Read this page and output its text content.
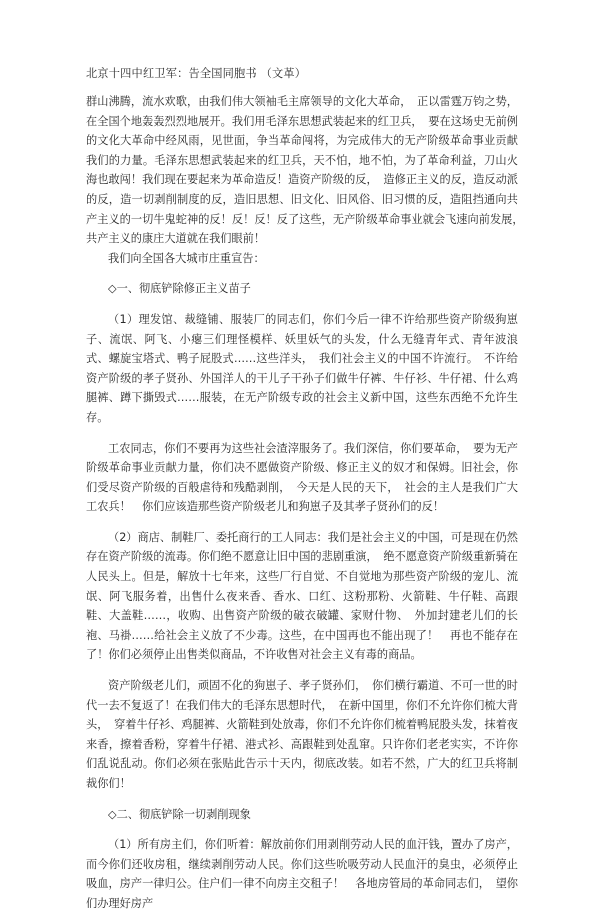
北京十四中红卫军：告全国同胞书 （文革）

群山沸腾，流水欢歌，由我们伟大领袖毛主席领导的文化大革命，　正以雷霆万钧之势，在全国个地轰轰烈烈地展开。我们用毛泽东思想武装起来的红卫兵，　要在这场史无前例的文化大革命中经风雨，见世面，争当革命闯将，为完成伟大的无产阶级革命事业贡献我们的力量。毛泽东思想武装起来的红卫兵，天不怕，地不怕，为了革命利益，刀山火海也敢闯！我们现在要起来为革命造反！造资产阶级的反，　造修正主义的反，造反动派的反，造一切剥削制度的反，造旧思想、旧文化、旧风俗、旧习惯的反，造阻挡通向共产主义的一切牛鬼蛇神的反！反！反！反了这些，无产阶级革命事业就会飞速向前发展，　共产主义的康庄大道就在我们眼前！

我们向全国各大城市庄重宣告：

◇一、彻底铲除修正主义苗子

（1）理发馆、裁缝铺、服装厂的同志们，你们今后一律不许给那些资产阶级狗崽子、流氓、阿飞、小瘪三们理怪模样、妖里妖气的头发，什么无缝青年式、青年波浪式、螺旋宝塔式、鸭子屁股式……这些洋头，　我们社会主义的中国不许流行。　不许给资产阶级的孝子贤孙、外国洋人的干儿子干孙子们做牛仔裤、牛仔衫、牛仔裙、什么鸡腿裤、蹲下撕毁式……服装，在无产阶级专政的社会主义新中国，这些东西绝不允许生存。

工农同志，你们不要再为这些社会渣滓服务了。我们深信，你们要革命，　要为无产阶级革命事业贡献力量，你们决不愿做资产阶级、修正主义的奴才和保姆。旧社会，你们受尽资产阶级的百般虐待和残酷剥削，　今天是人民的天下，　社会的主人是我们广大工农兵！　你们应该造那些资产阶级老儿和狗崽子及其孝子贤孙们的反！

（2）商店、制鞋厂、委托商行的工人同志：我们是社会主义的中国，可是现在仍然存在资产阶级的流毒。你们绝不愿意让旧中国的悲剧重演，　绝不愿意资产阶级重新骑在人民头上。但是，解放十七年来，这些厂行自觉、不自觉地为那些资产阶级的宠儿、流氓、阿飞服务着，出售什么夜来香、香水、口红、这粉那粉、火箭鞋、牛仔鞋、高跟鞋、大盖鞋……，收购、出售资产阶级的破衣破罐、家财什物、　外加封建老儿们的长袍、马褂……给社会主义放了不少毒。这些，在中国再也不能出现了！　再也不能存在了！你们必须停止出售类似商品，不许收售对社会主义有毒的商品。

资产阶级老儿们，顽固不化的狗崽子、孝子贤孙们，　你们横行霸道、不可一世的时代一去不复返了！在我们伟大的毛泽东思想时代，　在新中国里，你们不允许你们梳大背头，　穿着牛仔衫、鸡腿裤、火箭鞋到处放毒，你们不允许你们梳着鸭屁股头发，抹着夜来香，擦着香粉，穿着牛仔裙、港式衫、高跟鞋到处乱窜。只许你们老老实实，不许你们乱说乱动。你们必须在张贴此告示十天内，彻底改装。如若不然，广大的红卫兵将制裁你们！

◇二、彻底铲除一切剥削现象

（1）所有房主们，你们听着：解放前你们用剥削劳动人民的血汗钱，置办了房产，而今你们还收房租，继续剥削劳动人民。你们这些吮吸劳动人民血汗的臭虫，必须停止吸血，房产一律归公。住户们一律不向房主交租子！　各地房管局的革命同志们，　望你们办理好房产
